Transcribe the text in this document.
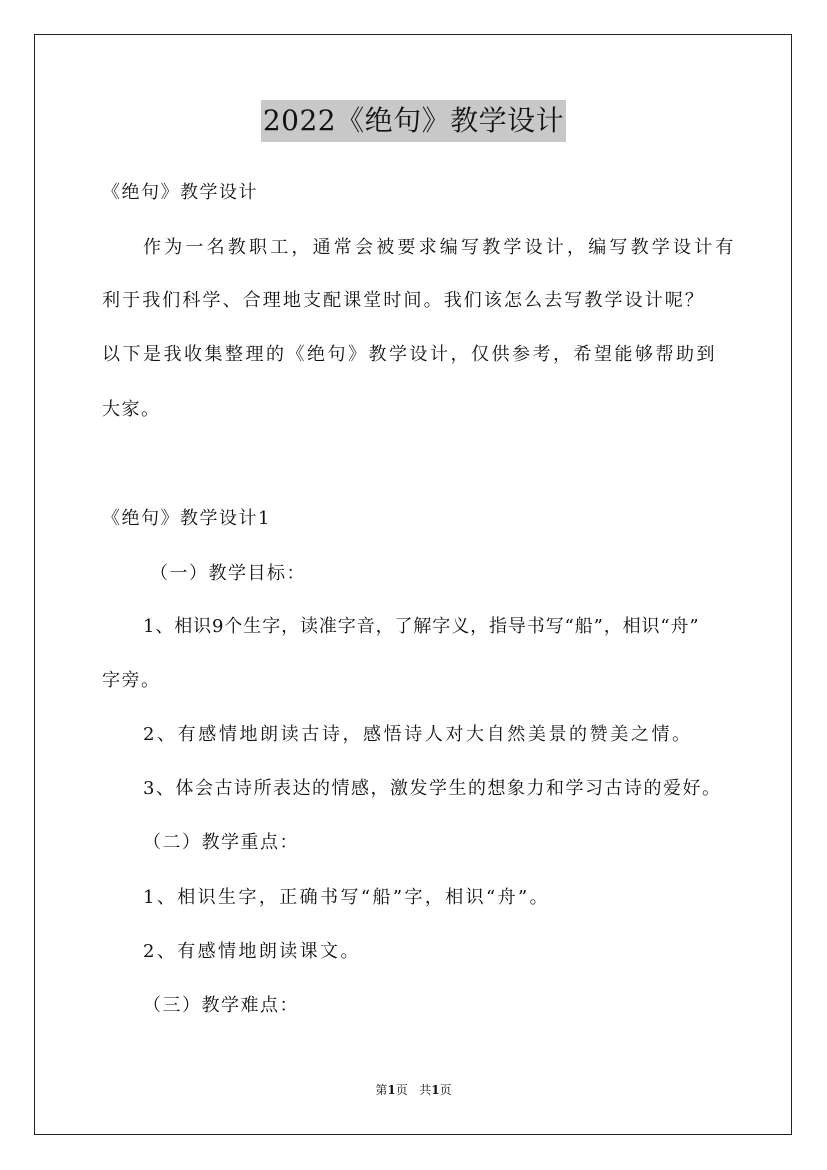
2022《绝句》教学设计
《绝句》教学设计
作为一名教职工，通常会被要求编写教学设计，编写教学设计有
利于我们科学、合理地支配课堂时间。我们该怎么去写教学设计呢？
以下是我收集整理的《绝句》教学设计，仅供参考，希望能够帮助到
大家。
《绝句》教学设计1
（一）教学目标：
1、相识9个生字，读准字音，了解字义，指导书写“船”，相识“舟”
字旁。
2、有感情地朗读古诗，感悟诗人对大自然美景的赞美之情。
3、体会古诗所表达的情感，激发学生的想象力和学习古诗的爱好。
（二）教学重点：
1、相识生字，正确书写“船”字，相识“舟”。
2、有感情地朗读课文。
（三）教学难点：
第1页   共1页
